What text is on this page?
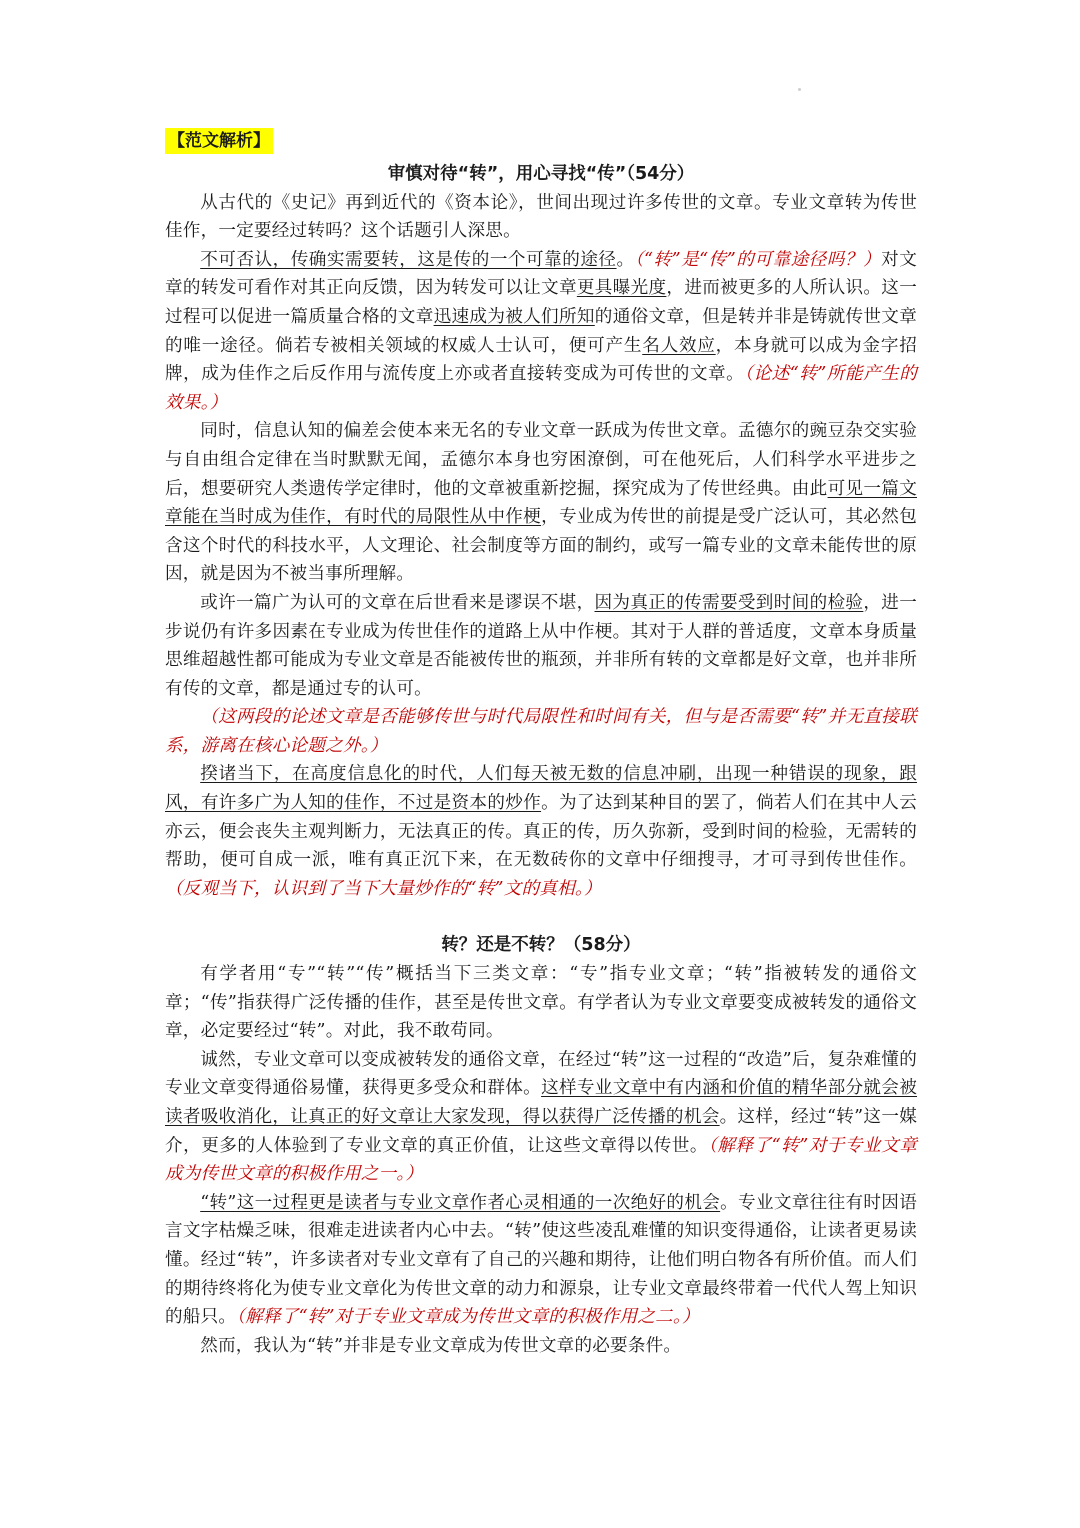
【范文解析】
审慎对待“转”，用心寻找“传”（54分）

从古代的《史记》再到近代的《资本论》，世间出现过许多传世的文章。专业文章转为传世佳作，一定要经过转吗？这个话题引人深思。

不可否认，传确实需要转，这是传的一个可靠的途径。（“转”是“传”的可靠途径吗？）对文章的转发可看作对其正向反馈，因为转发可以让文章更具曝光度，进而被更多的人所认识。这一过程可以促进一篇质量合格的文章迅速成为被人们所知的通俗文章，但是转并非是铸就传世文章的唯一途径。倘若专被相关领域的权威人士认可，便可产生名人效应，本身就可以成为金字招牌，成为佳作之后反作用与流传度上亦或者直接转变成为可传世的文章。（论述“转”所能产生的效果。）

同时，信息认知的偏差会使本来无名的专业文章一跃成为传世文章。孟德尔的豌豆杂交实验与自由组合定律在当时默默无闻，孟德尔本身也穷困潦倒，可在他死后，人们科学水平进步之后，想要研究人类遗传学定律时，他的文章被重新挖掘，探究成为了传世经典。由此可见一篇文章能在当时成为佳作，有时代的局限性从中作梗，专业成为传世的前提是受广泛认可，其必然包含这个时代的科技水平，人文理论、社会制度等方面的制约，或写一篇专业的文章未能传世的原因，就是因为不被当事所理解。

或许一篇广为认可的文章在后世看来是谬误不堪，因为真正的传需要受到时间的检验，进一步说仍有许多因素在专业成为传世佳作的道路上从中作梗。其对于人群的普适度，文章本身质量思维超越性都可能成为专业文章是否能被传世的瓶颈，并非所有转的文章都是好文章，也并非所有传的文章，都是通过专的认可。

（这两段的论述文章是否能够传世与时代局限性和时间有关，但与是否需要“转”并无直接联系，游离在核心论题之外。）

揆诸当下，在高度信息化的时代，人们每天被无数的信息冲刷，出现一种错误的现象，跟风，有许多广为人知的佳作，不过是资本的炒作。为了达到某种目的罢了，倘若人们在其中人云亦云，便会丧失主观判断力，无法真正的传。真正的传，历久弥新，受到时间的检验，无需转的帮助，便可自成一派，唯有真正沉下来，在无数砖你的文章中仔细搜寻，才可寻到传世佳作。（反观当下，认识到了当下大量炒作的“转”文的真相。）

转？还是不转？（58分）

有学者用“专”“转”“传”概括当下三类文章：“专”指专业文章；“转”指被转发的通俗文章；“传”指获得广泛传播的佳作，甚至是传世文章。有学者认为专业文章要变成被转发的通俗文章，必定要经过“转”。对此，我不敢苟同。

诚然，专业文章可以变成被转发的通俗文章，在经过“转”这一过程的“改造”后，复杂难懂的专业文章变得通俗易懂，获得更多受众和群体。这样专业文章中有内涵和价值的精华部分就会被读者吸收消化，让真正的好文章让大家发现，得以获得广泛传播的机会。这样，经过“转”这一媒介，更多的人体验到了专业文章的真正价值，让这些文章得以传世。（解释了“转”对于专业文章成为传世文章的积极作用之一。）

“转”这一过程更是读者与专业文章作者心灵相通的一次绝好的机会。专业文章往往有时因语言文字枯燥乏味，很难走进读者内心中去。“转”使这些凌乱难懂的知识变得通俗，让读者更易读懂。经过“转”，许多读者对专业文章有了自己的兴趣和期待，让他们明白物各有所价值。而人们的期待终将化为使专业文章化为传世文章的动力和源泉，让专业文章最终带着一代代人驾上知识的船只。（解释了“转”对于专业文章成为传世文章的积极作用之二。）

然而，我认为“转”并非是专业文章成为传世文章的必要条件。
